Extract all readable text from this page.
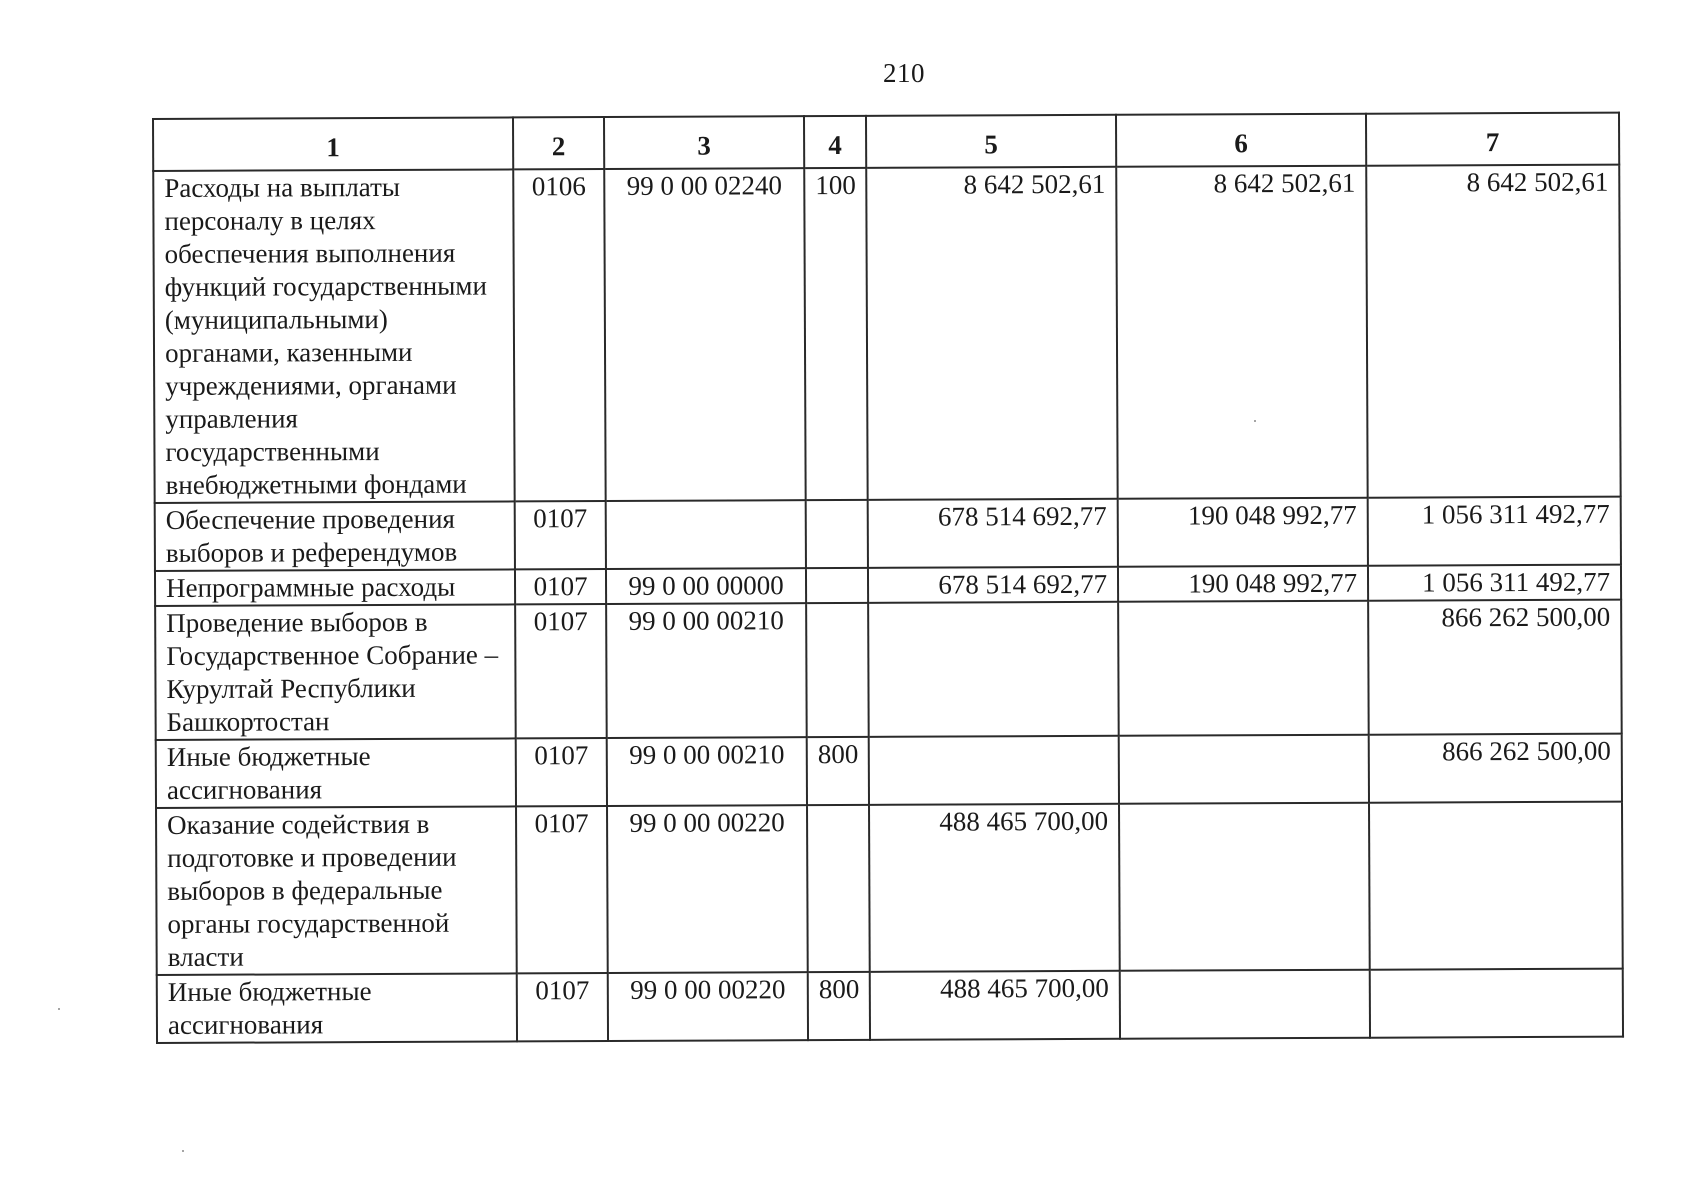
210
1	2	3	4	5	6	7
Расходы на выплаты персоналу в целях обеспечения выполнения функций государственными (муниципальными) органами, казенными учреждениями, органами управления государственными внебюджетными фондами	0106	99 0 00 02240	100	8 642 502,61	8 642 502,61	8 642 502,61
Обеспечение проведения выборов и референдумов	0107			678 514 692,77	190 048 992,77	1 056 311 492,77
Непрограммные расходы	0107	99 0 00 00000		678 514 692,77	190 048 992,77	1 056 311 492,77
Проведение выборов в Государственное Собрание – Курултай Республики Башкортостан	0107	99 0 00 00210				866 262 500,00
Иные бюджетные ассигнования	0107	99 0 00 00210	800			866 262 500,00
Оказание содействия в подготовке и проведении выборов в федеральные органы государственной власти	0107	99 0 00 00220		488 465 700,00		
Иные бюджетные ассигнования	0107	99 0 00 00220	800	488 465 700,00		
